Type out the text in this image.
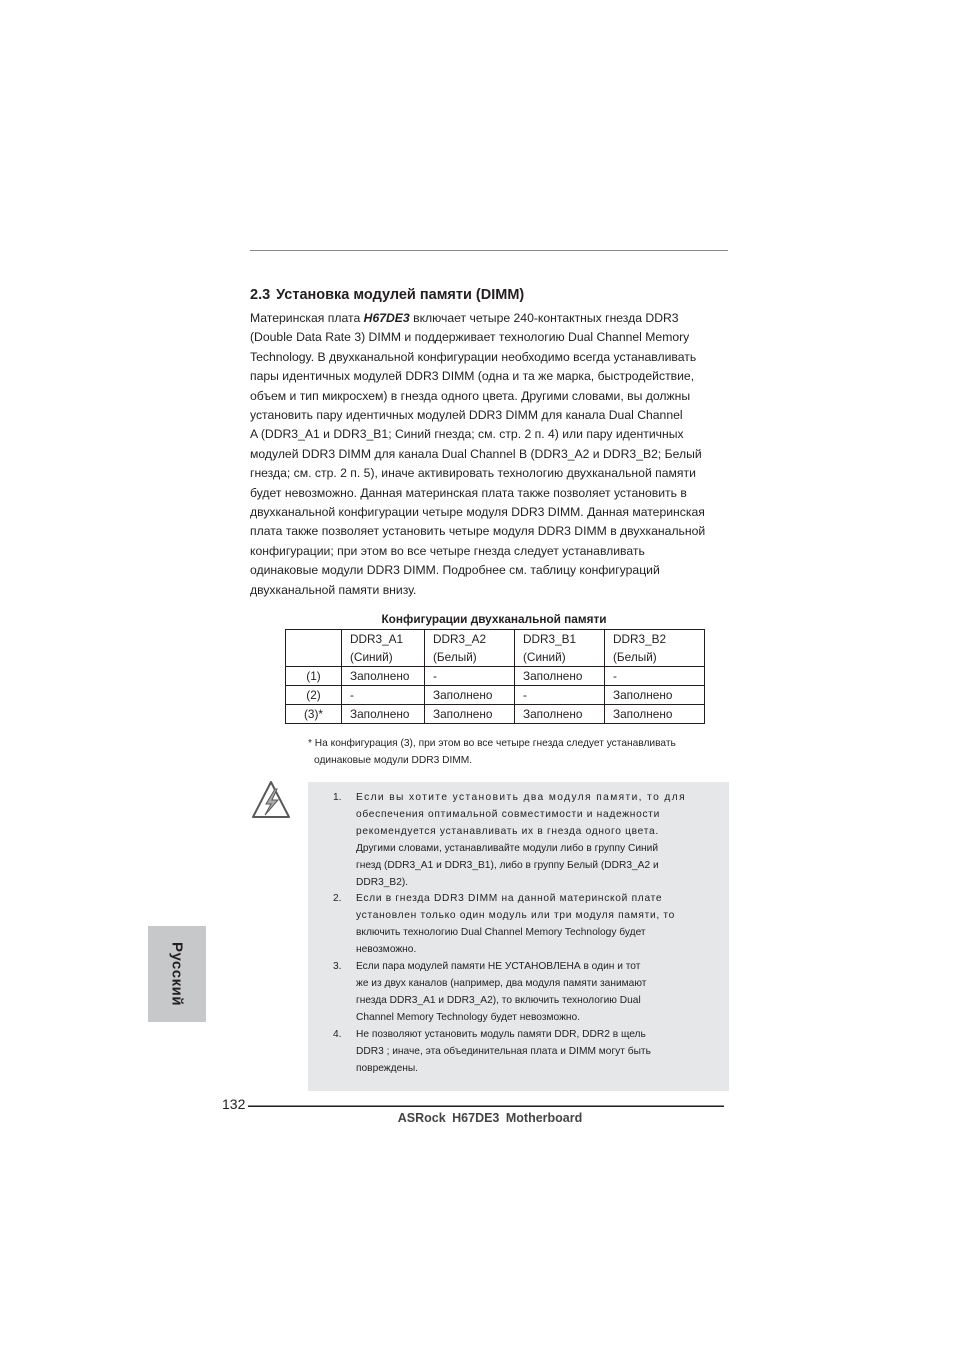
2.3 Установка модулей памяти (DIMM)

Материнская плата H67DE3 включает четыре 240-контактных гнезда DDR3

(Double Data Rate 3) DIMM и поддерживает технологию Dual Channel Memory

Technology. В двухканальной конфигурации необходимо всегда устанавливать

пары идентичных модулей DDR3 DIMM (одна и та же марка, быстродействие,

объем и тип микросхем) в гнезда одного цвета. Другими словами, вы должны

установить пару идентичных модулей DDR3 DIMM для канала Dual Channel

A (DDR3_A1 и DDR3_B1; Синий гнезда; см. стр. 2 п. 4) или пару идентичных

модулей DDR3 DIMM для канала Dual Channel B (DDR3_A2 и DDR3_B2; Белый

гнезда; см. стр. 2 п. 5), иначе активировать технологию двухканальной памяти

будет невозможно. Данная материнская плата также позволяет установить в

двухканальной конфигурации четыре модуля DDR3 DIMM. Данная материнская

плата также позволяет установить четыре модуля DDR3 DIMM в двухканальной

конфигурации; при этом во все четыре гнезда следует устанавливать

одинаковые модули DDR3 DIMM. Подробнее см. таблицу конфигураций

двухканальной памяти внизу.

Конфигурации двухканальной памяти
	DDR3_A1	DDR3_A2	DDR3_B1	DDR3_B2
	(Синий)	(Белый)	(Синий)	(Белый)
(1)	Заполнено	-	Заполнено	-
(2)	-	Заполнено	-	Заполнено
(3)*	Заполнено	Заполнено	Заполнено	Заполнено

* На конфигурация (3), при этом во все четыре гнезда следует устанавливать

одинаковые модули DDR3 DIMM.

1. Если вы хотите установить два модуля памяти, то для

обеспечения оптимальной совместимости и надежности

рекомендуется устанавливать их в гнезда одного цвета.

Другими словами, устанавливайте модули либо в группу Синий

гнезд (DDR3_A1 и DDR3_B1), либо в группу Белый (DDR3_A2 и

DDR3_B2).

2. Если в гнезда DDR3 DIMM на данной материнской плате

установлен только один модуль или три модуля памяти, то

включить технологию Dual Channel Memory Technology будет

невозможно.

3. Если пара модулей памяти НЕ УСТАНОВЛЕНА в один и тот

же из двух каналов (например, два модуля памяти занимают

гнезда DDR3_A1 и DDR3_A2), то включить технологию Dual

Channel Memory Technology будет невозможно.

4. Не позволяют установить модуль памяти DDR, DDR2 в щель

DDR3 ; иначе, эта объединительная плата и DIMM могут быть

повреждены.

Русский
132
ASRock H67DE3 Motherboard
